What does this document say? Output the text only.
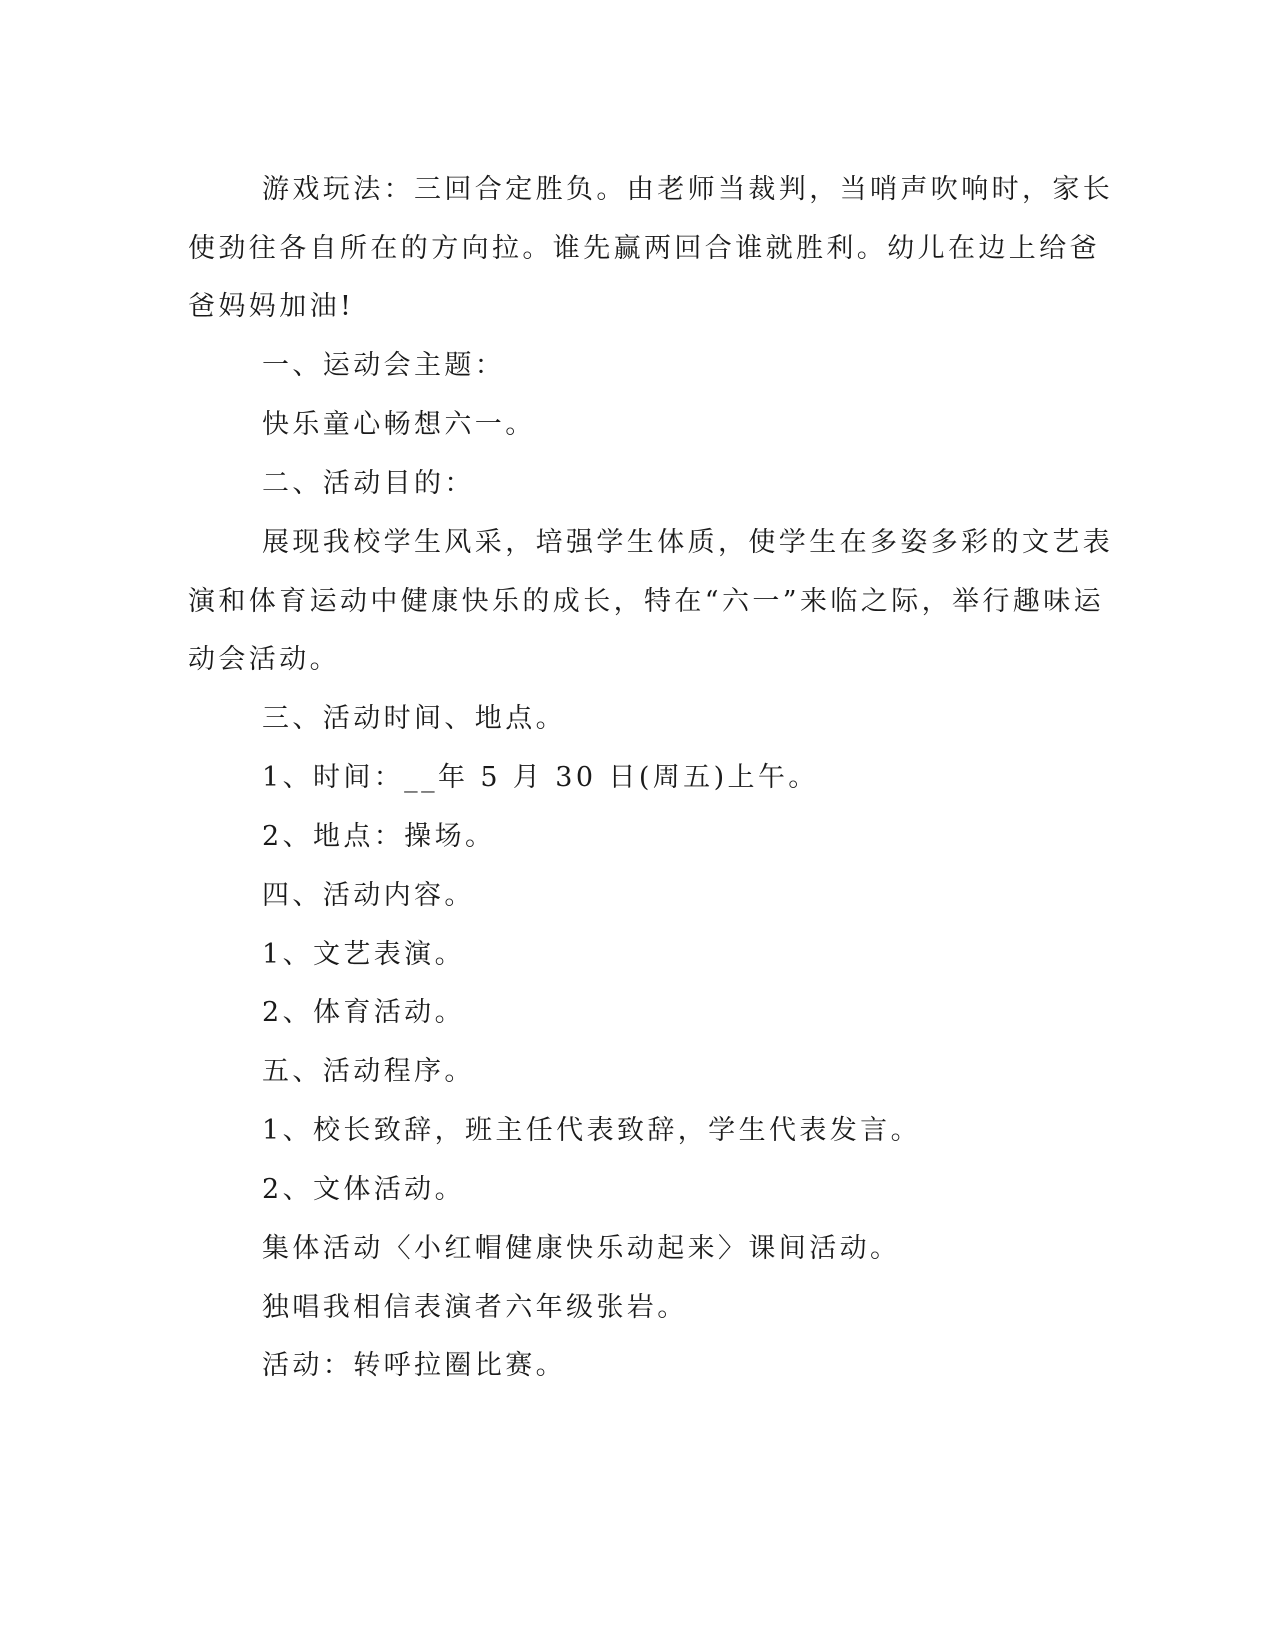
游戏玩法：三回合定胜负。由老师当裁判，当哨声吹响时，家长
使劲往各自所在的方向拉。谁先赢两回合谁就胜利。幼儿在边上给爸
爸妈妈加油!
一、运动会主题：
快乐童心畅想六一。
二、活动目的：
展现我校学生风采，培强学生体质，使学生在多姿多彩的文艺表
演和体育运动中健康快乐的成长，特在“六一”来临之际，举行趣味运
动会活动。
三、活动时间、地点。
1、时间：__年 5 月 30 日(周五)上午。
2、地点：操场。
四、活动内容。
1、文艺表演。
2、体育活动。
五、活动程序。
1、校长致辞，班主任代表致辞，学生代表发言。
2、文体活动。
集体活动〈小红帽健康快乐动起来〉课间活动。
独唱我相信表演者六年级张岩。
活动：转呼拉圈比赛。
